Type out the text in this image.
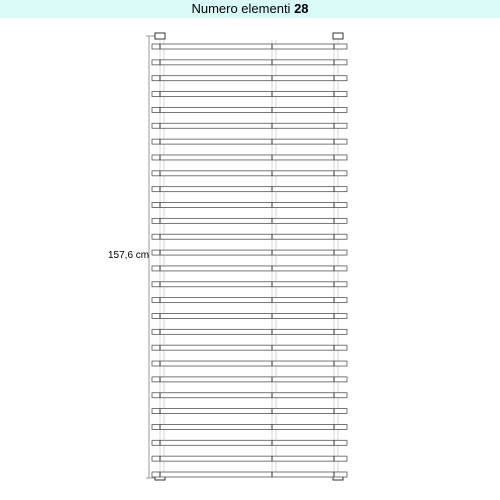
Numero elementi 28
157,6 cm
